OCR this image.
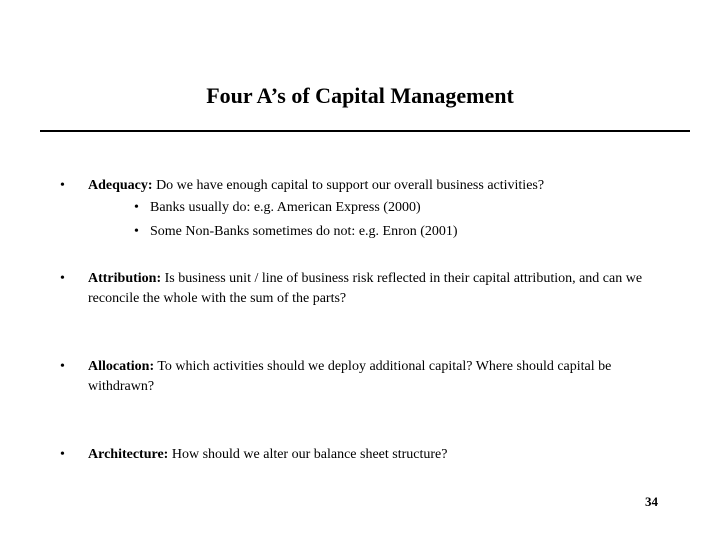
Four A’s of Capital Management
• Adequacy: Do we have enough capital to support our overall business activities?
• Banks usually do: e.g. American Express (2000)
• Some Non-Banks sometimes do not: e.g. Enron (2001)
• Attribution: Is business unit / line of business risk reflected in their capital attribution, and can we reconcile the whole with the sum of the parts?
• Allocation: To which activities should we deploy additional capital? Where should capital be withdrawn?
• Architecture: How should we alter our balance sheet structure?
34
